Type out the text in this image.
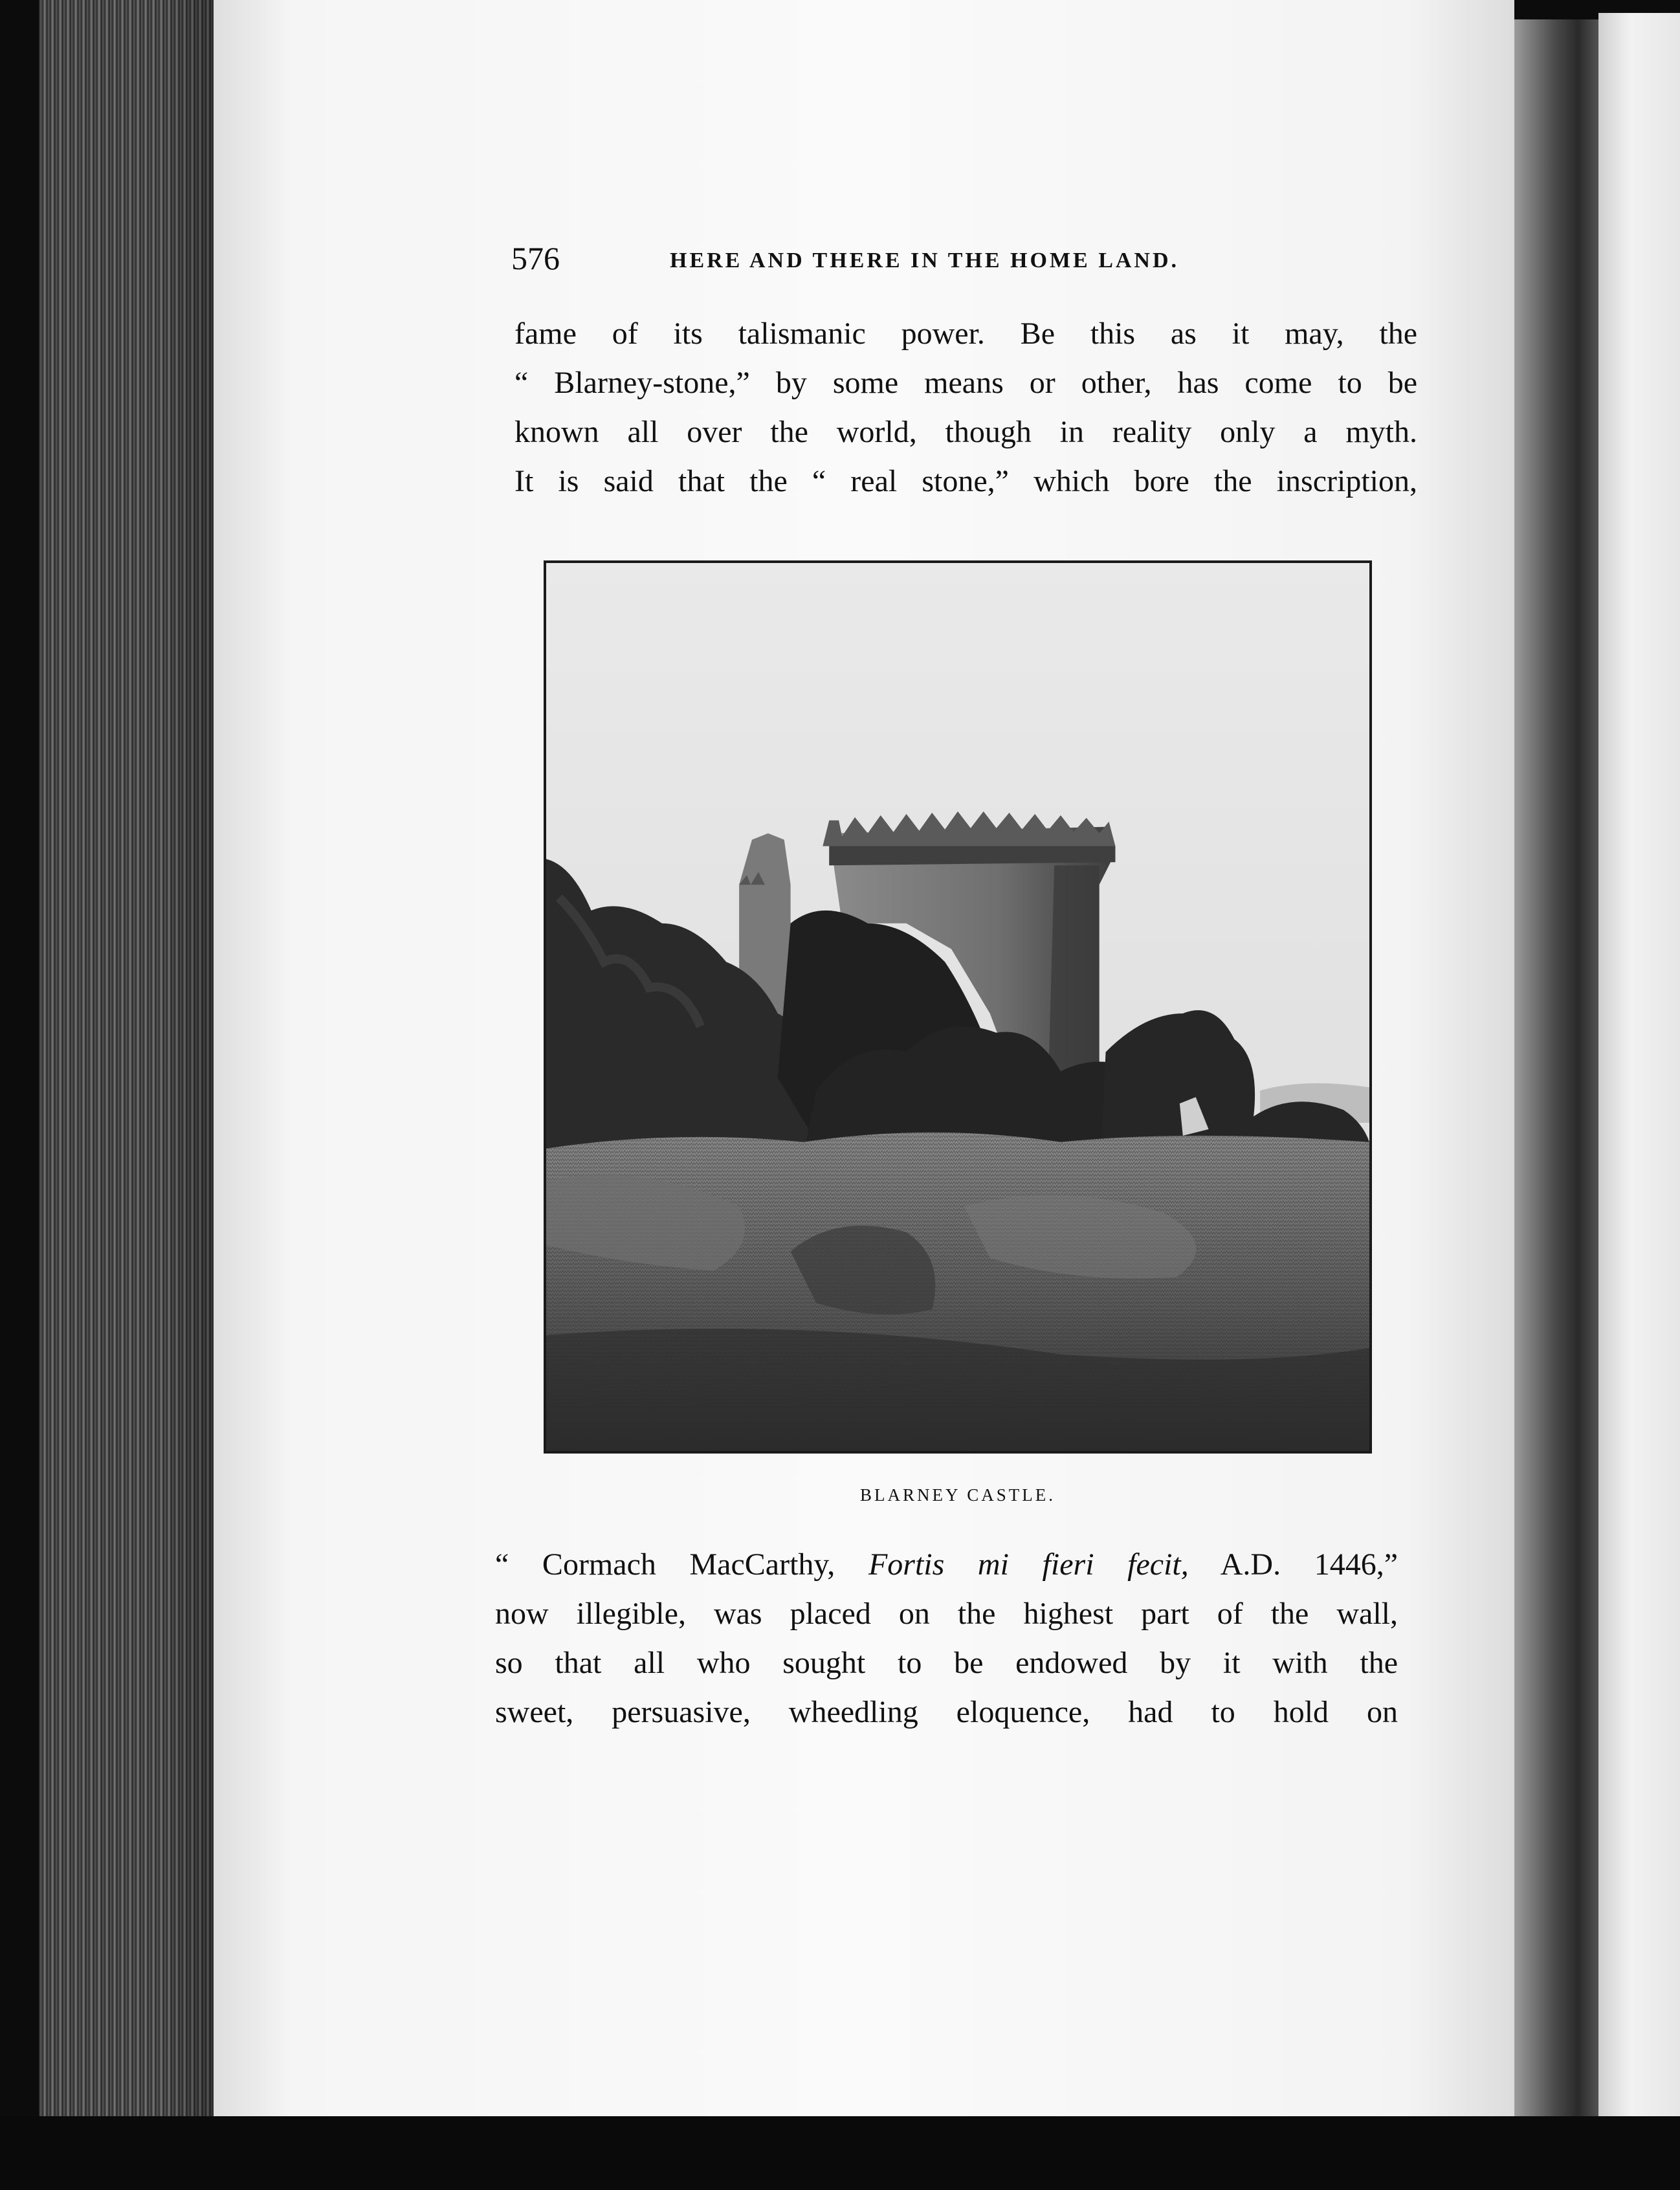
576	HERE AND THERE IN THE HOME LAND.
fame of its talismanic power. Be this as it may, the
“ Blarney-stone,” by some means or other, has come to be
known all over the world, though in reality only a myth.
It is said that the “ real stone,” which bore the inscription,
BLARNEY CASTLE.
“ Cormach MacCarthy, Fortis mi fieri fecit, A.D. 1446,”
now illegible, was placed on the highest part of the wall,
so that all who sought to be endowed by it with the
sweet, persuasive, wheedling eloquence, had to hold on
